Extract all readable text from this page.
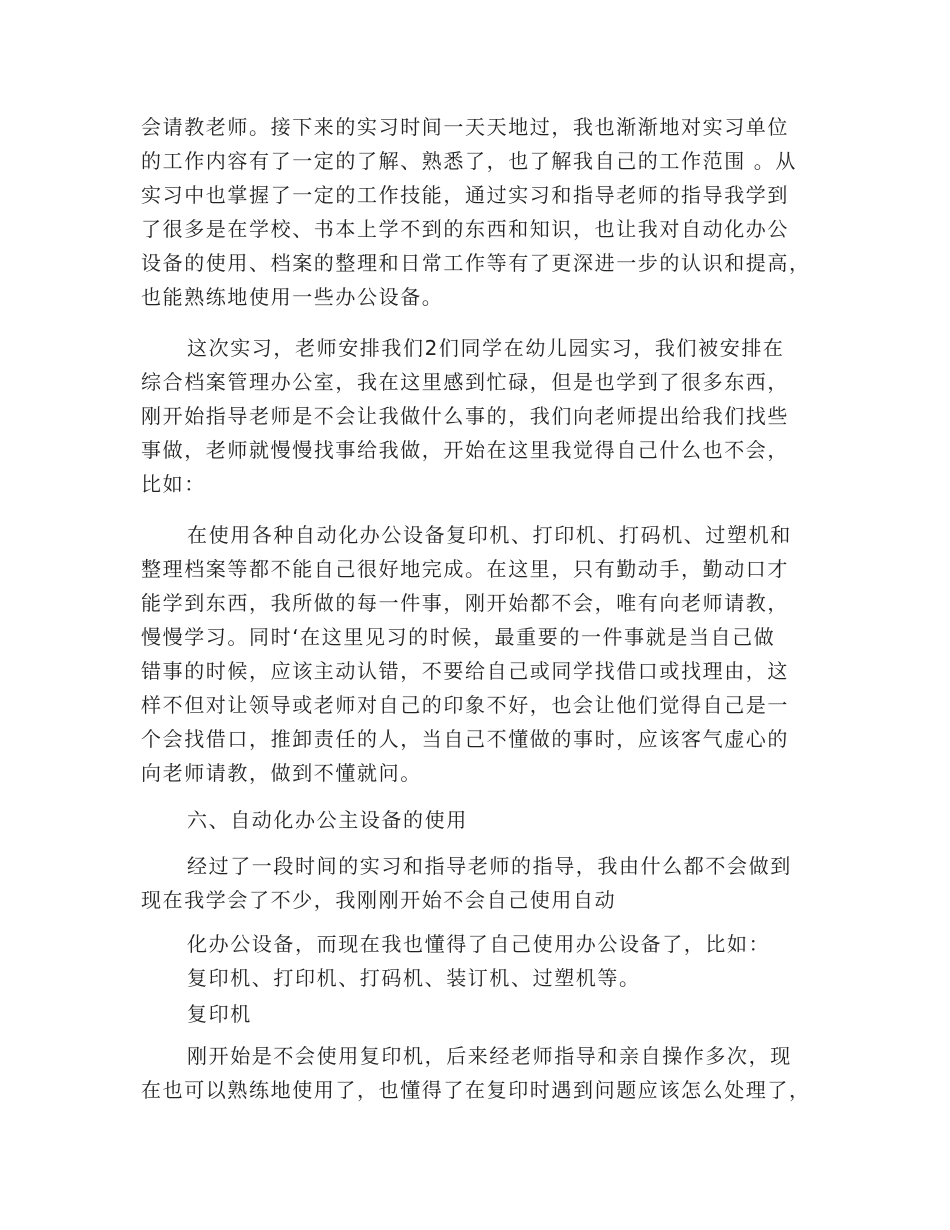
会请教老师。接下来的实习时间一天天地过，我也渐渐地对实习单位
的工作内容有了一定的了解、熟悉了，也了解我自己的工作范围 。从
实习中也掌握了一定的工作技能，通过实习和指导老师的指导我学到
了很多是在学校、书本上学不到的东西和知识，也让我对自动化办公
设备的使用、档案的整理和日常工作等有了更深进一步的认识和提高，
也能熟练地使用一些办公设备。
这次实习，老师安排我们2们同学在幼儿园实习，我们被安排在
综合档案管理办公室，我在这里感到忙碌，但是也学到了很多东西，
刚开始指导老师是不会让我做什么事的，我们向老师提出给我们找些
事做，老师就慢慢找事给我做，开始在这里我觉得自己什么也不会，
比如：
在使用各种自动化办公设备复印机、打印机、打码机、过塑机和
整理档案等都不能自己很好地完成。在这里，只有勤动手，勤动口才
能学到东西，我所做的每一件事，刚开始都不会，唯有向老师请教，
慢慢学习。同时‘在这里见习的时候，最重要的一件事就是当自己做
错事的时候，应该主动认错，不要给自己或同学找借口或找理由，这
样不但对让领导或老师对自己的印象不好，也会让他们觉得自己是一
个会找借口，推卸责任的人，当自己不懂做的事时，应该客气虚心的
向老师请教，做到不懂就问。
六、自动化办公主设备的使用
经过了一段时间的实习和指导老师的指导，我由什么都不会做到
现在我学会了不少，我刚刚开始不会自己使用自动
化办公设备，而现在我也懂得了自己使用办公设备了，比如：
复印机、打印机、打码机、装订机、过塑机等。
复印机
刚开始是不会使用复印机，后来经老师指导和亲自操作多次，现
在也可以熟练地使用了，也懂得了在复印时遇到问题应该怎么处理了，
